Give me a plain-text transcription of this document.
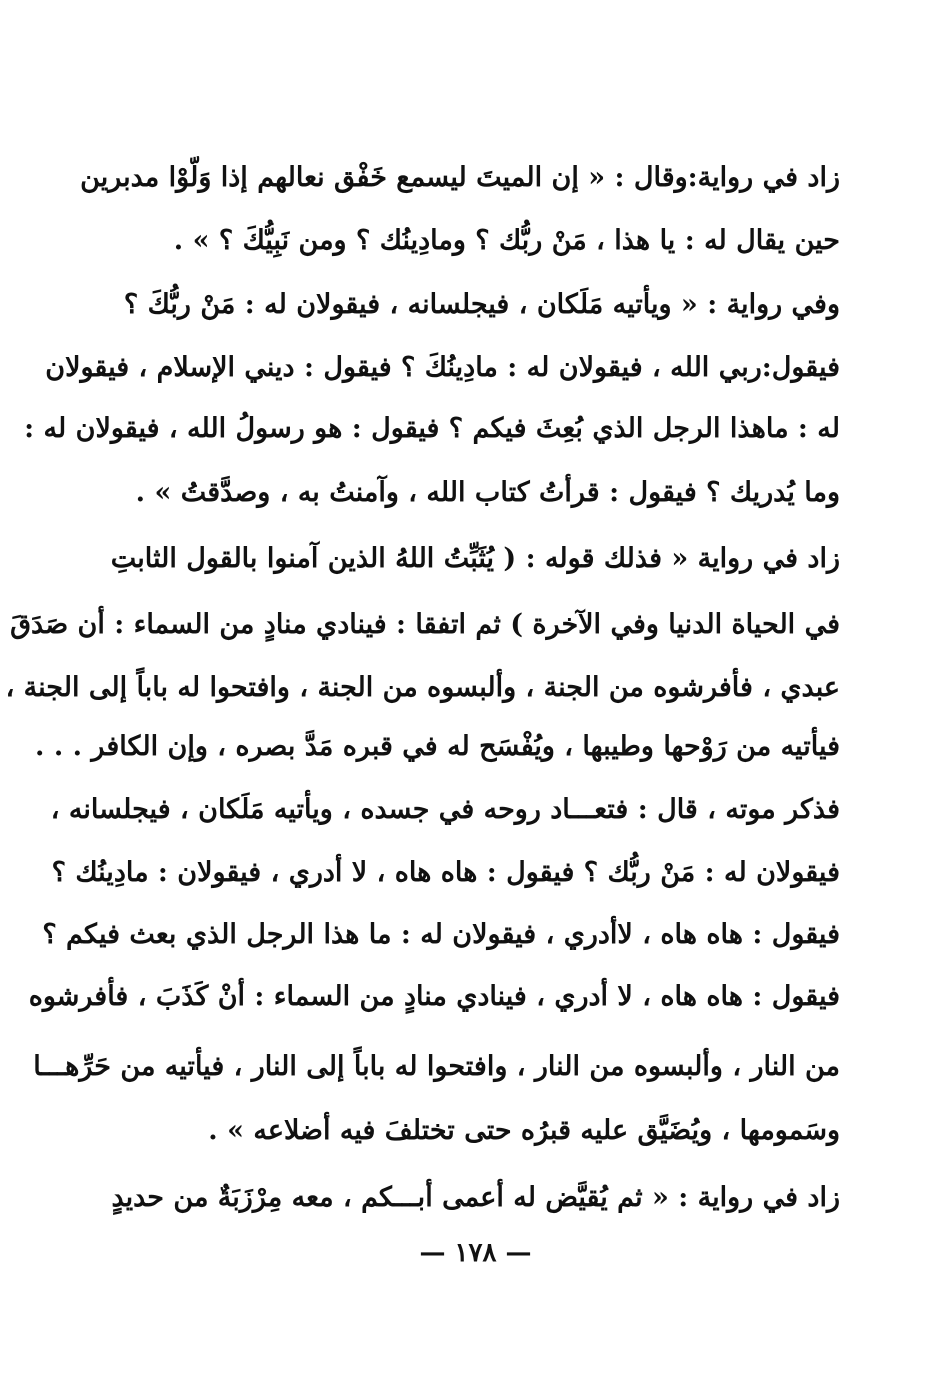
زاد في رواية:وقال : « إن الميتَ ليسمع خَفْق نعالهم إذا وَلّوْا مدبرين
حين يقال له : يا هذا ، مَنْ ربُّك ؟ ومادِينُك ؟ ومن نَبِيُّكَ ؟ » .
وفي رواية : « ويأتيه مَلَكان ، فيجلسانه ، فيقولان له : مَنْ ربُّكَ ؟
فيقول:ربي الله ، فيقولان له : مادِينُكَ ؟ فيقول : ديني الإسلام ، فيقولان
له : ماهذا الرجل الذي بُعِثَ فيكم ؟ فيقول : هو رسولُ الله ، فيقولان له :
وما يُدريك ؟ فيقول : قرأتُ كتاب الله ، وآمنتُ به ، وصدَّقتُ » .
زاد في رواية « فذلك قوله : ( يُثَبِّتُ اللهُ الذين آمنوا بالقول الثابتِ
في الحياة الدنيا وفي الآخرة ) ثم اتفقا : فينادي منادٍ من السماء : أن صَدَقَ
عبدي ، فأفرشوه من الجنة ، وألبسوه من الجنة ، وافتحوا له باباً إلى الجنة ،
فيأتيه من رَوْحها وطيبها ، ويُفْسَح له في قبره مَدَّ بصره ، وإن الكافر . . .
فذكر موته ، قال : فتعـــاد روحه في جسده ، ويأتيه مَلَكان ، فيجلسانه ،
فيقولان له : مَنْ ربُّك ؟ فيقول : هاه هاه ، لا أدري ، فيقولان : مادِينُك ؟
فيقول : هاه هاه ، لاأدري ، فيقولان له : ما هذا الرجل الذي بعث فيكم ؟
فيقول : هاه هاه ، لا أدري ، فينادي منادٍ من السماء : أنْ كَذَبَ ، فأفرشوه
من النار ، وألبسوه من النار ، وافتحوا له باباً إلى النار ، فيأتيه من حَرِّهـــا
وسَمومها ، ويُضَيَّق عليه قبرُه حتى تختلفَ فيه أضلاعه » .
زاد في رواية : « ثم يُقيَّض له أعمى أبـــكم ، معه مِرْزَبَةٌ من حديدٍ
— ١٧٨ —
